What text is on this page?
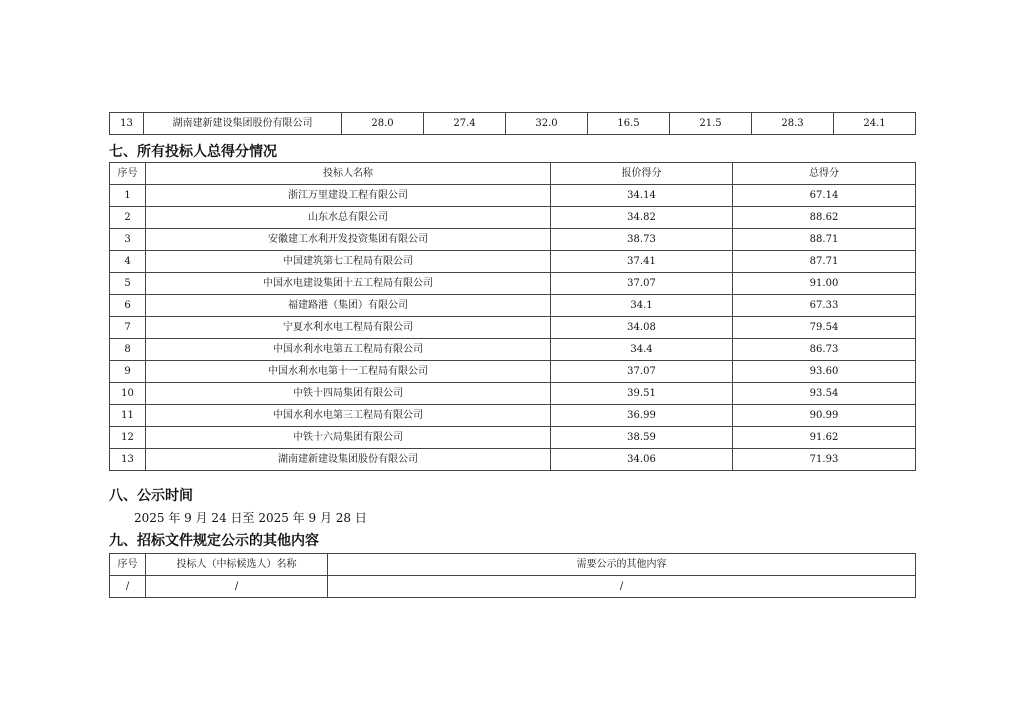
13	湖南建新建设集团股份有限公司	28.0	27.4	32.0	16.5	21.5	28.3	24.1

七、所有投标人总得分情况

序号	投标人名称	报价得分	总得分
1	浙江万里建设工程有限公司	34.14	67.14
2	山东水总有限公司	34.82	88.62
3	安徽建工水利开发投资集团有限公司	38.73	88.71
4	中国建筑第七工程局有限公司	37.41	87.71
5	中国水电建设集团十五工程局有限公司	37.07	91.00
6	福建路港（集团）有限公司	34.1	67.33
7	宁夏水利水电工程局有限公司	34.08	79.54
8	中国水利水电第五工程局有限公司	34.4	86.73
9	中国水利水电第十一工程局有限公司	37.07	93.60
10	中铁十四局集团有限公司	39.51	93.54
11	中国水利水电第三工程局有限公司	36.99	90.99
12	中铁十六局集团有限公司	38.59	91.62
13	湖南建新建设集团股份有限公司	34.06	71.93

八、公示时间

2025 年 9 月 24 日至 2025 年 9 月 28 日

九、招标文件规定公示的其他内容

序号	投标人（中标候选人）名称	需要公示的其他内容
/	/	/
